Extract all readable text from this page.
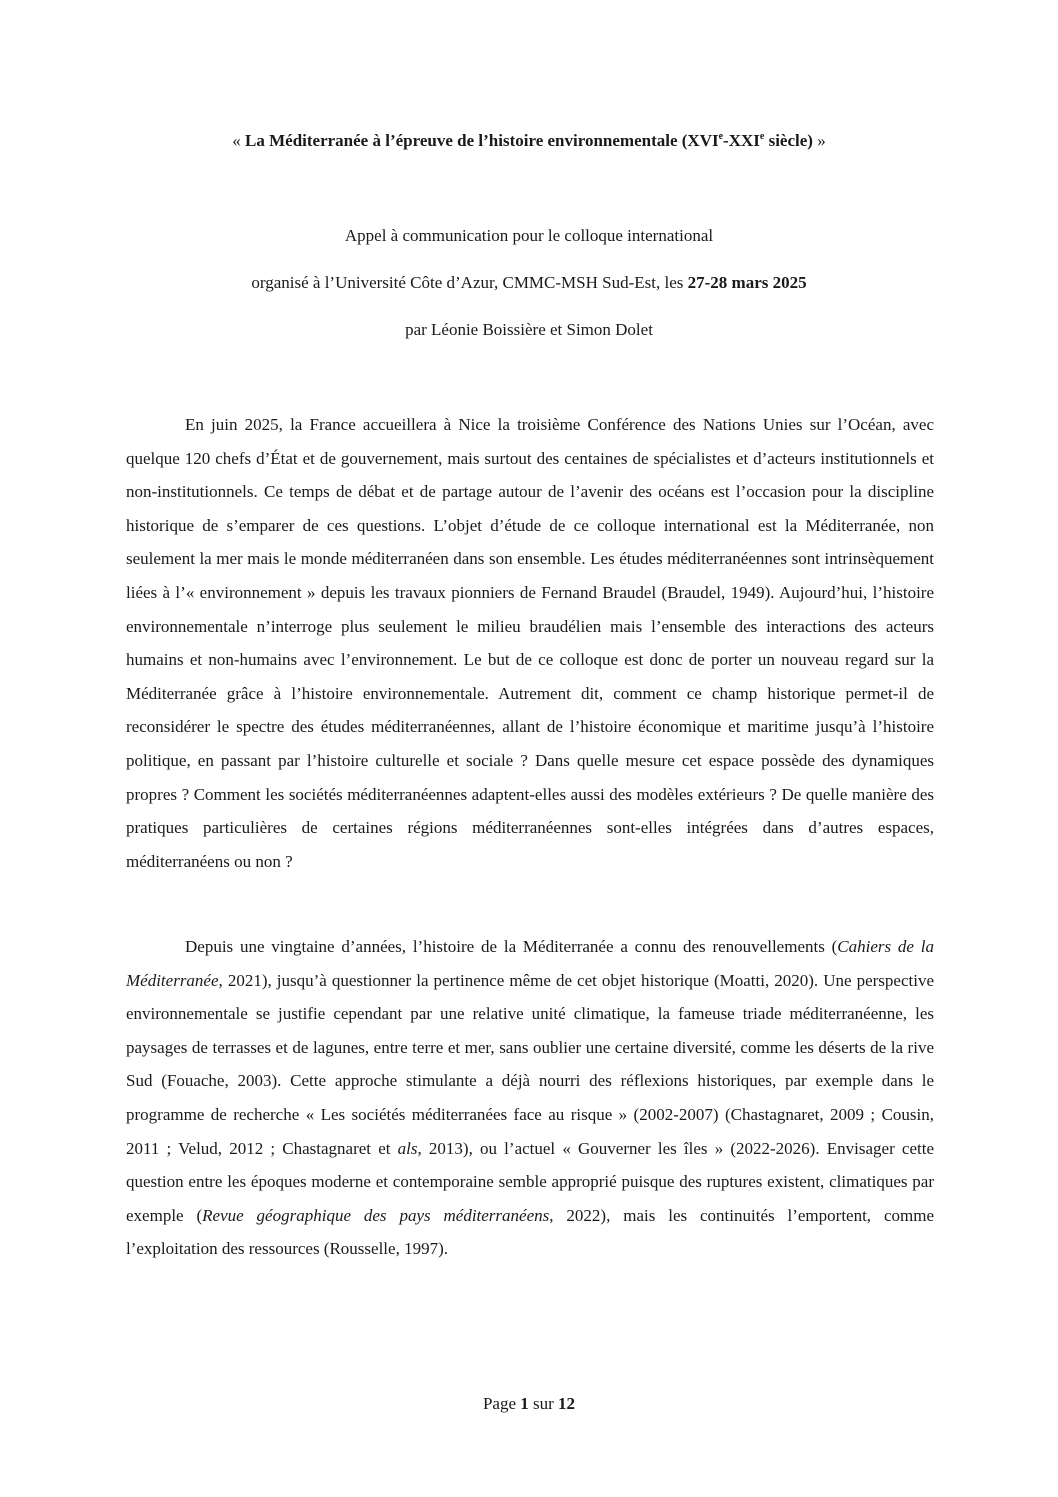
« La Méditerranée à l’épreuve de l’histoire environnementale (XVIe-XXIe siècle) »
Appel à communication pour le colloque international
organisé à l’Université Côte d’Azur, CMMC-MSH Sud-Est, les 27-28 mars 2025
par Léonie Boissière et Simon Dolet

En juin 2025, la France accueillera à Nice la troisième Conférence des Nations Unies sur l’Océan, avec quelque 120 chefs d’État et de gouvernement, mais surtout des centaines de spécialistes et d’acteurs institutionnels et non-institutionnels. Ce temps de débat et de partage autour de l’avenir des océans est l’occasion pour la discipline historique de s’emparer de ces questions. L’objet d’étude de ce colloque international est la Méditerranée, non seulement la mer mais le monde méditerranéen dans son ensemble. Les études méditerranéennes sont intrinsèquement liées à l’« environnement » depuis les travaux pionniers de Fernand Braudel (Braudel, 1949). Aujourd’hui, l’histoire environnementale n’interroge plus seulement le milieu braudélien mais l’ensemble des interactions des acteurs humains et non-humains avec l’environnement. Le but de ce colloque est donc de porter un nouveau regard sur la Méditerranée grâce à l’histoire environnementale. Autrement dit, comment ce champ historique permet-il de reconsidérer le spectre des études méditerranéennes, allant de l’histoire économique et maritime jusqu’à l’histoire politique, en passant par l’histoire culturelle et sociale ? Dans quelle mesure cet espace possède des dynamiques propres ? Comment les sociétés méditerranéennes adaptent-elles aussi des modèles extérieurs ? De quelle manière des pratiques particulières de certaines régions méditerranéennes sont-elles intégrées dans d’autres espaces, méditerranéens ou non ?

Depuis une vingtaine d’années, l’histoire de la Méditerranée a connu des renouvellements (Cahiers de la Méditerranée, 2021), jusqu’à questionner la pertinence même de cet objet historique (Moatti, 2020). Une perspective environnementale se justifie cependant par une relative unité climatique, la fameuse triade méditerranéenne, les paysages de terrasses et de lagunes, entre terre et mer, sans oublier une certaine diversité, comme les déserts de la rive Sud (Fouache, 2003). Cette approche stimulante a déjà nourri des réflexions historiques, par exemple dans le programme de recherche « Les sociétés méditerranées face au risque » (2002-2007) (Chastagnaret, 2009 ; Cousin, 2011 ; Velud, 2012 ; Chastagnaret et als, 2013), ou l’actuel « Gouverner les îles » (2022-2026). Envisager cette question entre les époques moderne et contemporaine semble approprié puisque des ruptures existent, climatiques par exemple (Revue géographique des pays méditerranéens, 2022), mais les continuités l’emportent, comme l’exploitation des ressources (Rousselle, 1997).

Page 1 sur 12
